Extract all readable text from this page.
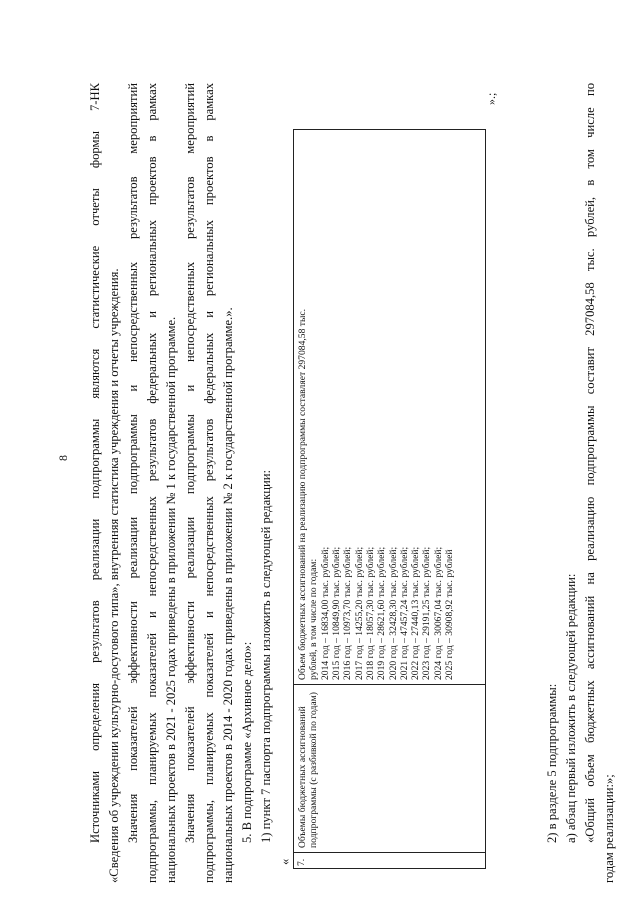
8 Источниками определения результатов реализации подпрограммы являются статистические отчеты формы 7-НК «Сведения об учреждении культурно-досугового типа», внутренняя статистика учреждения и отчеты учреждения. Значения показателей эффективности реализации подпрограммы и непосредственных результатов мероприятий подпрограммы, планируемых показателей и непосредственных результатов федеральных и региональных проектов в рамках национальных проектов в 2021 - 2025 годах приведены в приложении № 1 к государственной программе. Значения показателей эффективности реализации подпрограммы и непосредственных результатов мероприятий подпрограммы, планируемых показателей и непосредственных результатов федеральных и региональных проектов в рамках национальных проектов в 2014 - 2020 годах приведены в приложении № 2 к государственной программе.». 5. В подпрограмме «Архивное дело»: 1) пункт 7 паспорта подпрограммы изложить в следующей редакции:
« 7.
Объемы бюджетных ассигнований подпрограммы (с разбивкой по годам)
Объем бюджетных ассигнований на реализацию подпрограммы составляет 297084,58 тыс. рублей, в том числе по годам: 2014 год – 16834,00 тыс. рублей; 2015 год – 10849,90 тыс. рублей; 2016 год – 10973,70 тыс. рублей; 2017 год – 14255,20 тыс. рублей; 2018 год – 18057,30 тыс. рублей; 2019 год – 28621,60 тыс. рублей; 2020 год – 32428,30 тыс. рублей; 2021 год – 47457,24 тыс. рублей; 2022 год – 27440,13 тыс. рублей; 2023 год – 29191,25 тыс. рублей; 2024 год – 30067,04 тыс. рублей; 2025 год – 30908,92 тыс. рублей
».;
2) в разделе 5 подпрограммы: а) абзац первый изложить в следующей редакции: «Общий объем бюджетных ассигнований на реализацию подпрограммы составит 297084,58 тыс. рублей, в том числе по годам реализации:»;
